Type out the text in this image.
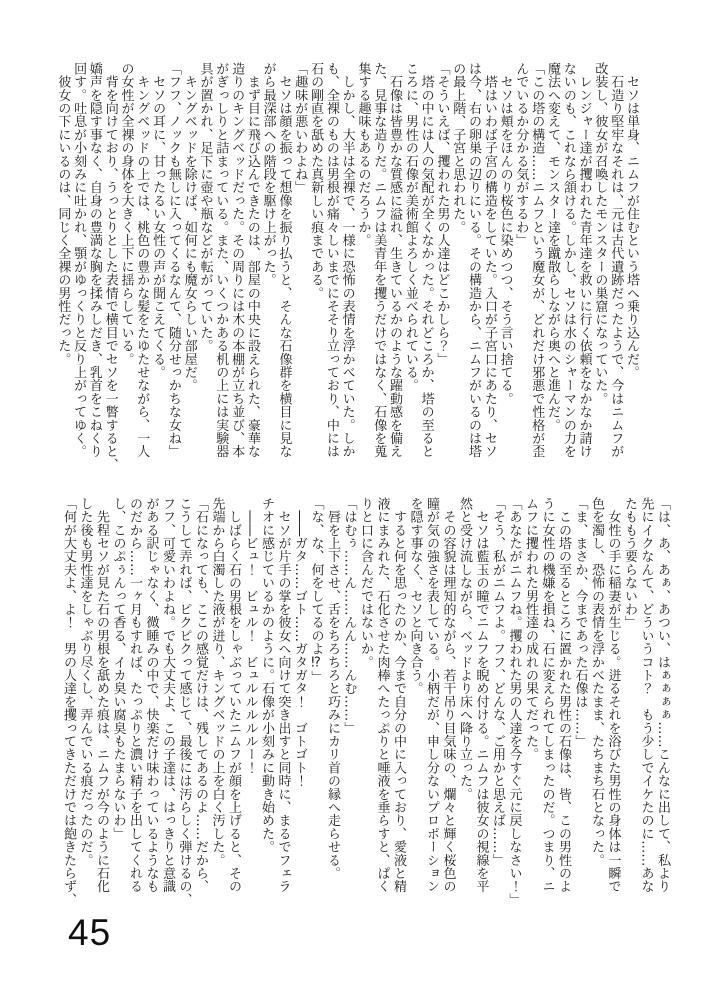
　セソは単身、ニムフが住むという塔へ乗り込んだ。
　石造り堅牢なそれは、元は古代遺跡だったようで、今はニムフが
改装し、彼女が召喚したモンスターの巣窟になっていた。
　レンジャー達が攫われた青年達を救いに行く依頼をなかなか請け
ないのも、これなら頷ける。しかし、セソは水のシャーマンの力を
魔法へ変えて、モンスター達を蹴散らしながら奥へと進んだ。
「この塔の構造……ニムフという魔女が、どれだけ邪悪で性格が歪
んでいるか分かる気がするわ」
　セソは頬をほんのり桜色に染めつつ、そう言い捨てる。
　塔はいわば子宮の構造をしていた。入口が子宮口にあたり、セソ
は今、右の卵巣の辺りにいる。その構造から、ニムフがいるのは塔
の最上階、子宮と思われた。
「そういえば、攫われた男の人達はどこかしら？」
　塔の中には人の気配が全くなかった。それどころか、塔の至ると
ころに、男性の石像が美術館よろしく並べられている。
　石像は皆豊かな質感に溢れ、生きているかのような躍動感を備え
た、見事な造りだ。ニムフは美青年を攫うだけではなく、石像を蒐
集する趣味もあるのだろうか。
　しかし、大半は全裸で、一様に恐怖の表情を浮かべていた。しか
も、全裸のものは男根が痛々しいまでにそそり立っており、中には
石の剛直を舐めた真新しい痕まである。
「趣味が悪いわよね」
　セソは顔を振って想像を振り払うと、そんな石像群を横目に見な
がら最深部への階段を駆け上がった。
　まず目に飛び込んできたのは、部屋の中央に設えられた、豪華な
造りのキングベッドだった。その周りには木の本棚が立ち並び、本
がぎっしりと詰まっている。また、いくつかある机の上には実験器
具が置かれ、足下に壺や瓶などが転がっていた。
　キングベッドを除けば、如何にも魔女らしい部屋だ。
「フフ、ノックも無しに入ってくるなんて、随分せっかちな女ね」
　セソの耳に、甘ったるい女性の声が聞こえてくる。
　キングベッドの上では、桃色の豊かな髪をたゆたせながら、一人
の女性が全裸の身体を大きく上下に揺らしている。
　背を向けており、うっとりとした表情で横目でセソを一瞥すると、
嬌声を隠す事なく、自身の豊満な胸を揉みしだき、乳首をこねくり
回す。吐息が小刻みに吐かれ、顎がゆっくりと反り上がってゆく。
　彼女の下にいるのは、同じく全裸の男性だった。
「は、あ、あぁ、あつい、はぁぁぁぁ……こんなに出して、私より
先にイクなんて、どういうコト？　もう少しでイケたのに……あな
たももう要らないわ」
　女性の手に稲妻が生じる。迸るそれを浴びた男性の身体は一瞬で
色を濁し、恐怖の表情を浮かべたまま、たちまち石となった。
「ま、まさか、今まであった石像は……」
　この塔の至るところに置かれた男性の石像は、皆、この男性のよ
うに女性の機嫌を損ね、石に変えられてしまったのだ。つまり、ニ
ムフに攫われた男性達の成れの果てだった。
「あなたがニムフね。攫われた男の人達を今すぐ元に戻しなさい！」
「そう、私がニムフよ。フフ、どんな、ご用かと思えば……」
　セソは藍玉の瞳でニムフを睨め付ける。ニムフは彼女の視線を平
然と受け流しながら、ベッドより床へ降り立った。
　その容貌は理知的ながら、若干吊り目気味の、爛々と輝く桜色の
瞳が気の強さを表している。小柄だが、申し分ないプロポーション
を隠す事なく、セソと向き合う。
　すると何を思ったのか、今まで自分の中に入っており、愛液と精
液にまみれた、石化させた肉棒へたっぷりと唾液を垂らすと、ぱく
りと口に含んだではないか。
「はむぅ……ん……んん……んむ……」
　唇を上下させ、舌をちろちろと巧みにカリ首の縁へ走らせる。
「な、な、何をしてるのよ⁉」
　――ガタ……ゴト……ガタガタ！　ゴトゴト！
　セソが片手の掌を彼女へ向けて突き出すと同時に、まるでフェラ
チオに感じているかのように。石像が小刻みに動き始めた。
　――ビュ！　ビュル！　ビュルルルルルー！
　しばらく石の男根をしゃぶっていたニムフが顔を上げると、その
先端から白濁した液が迸り、キングベッドの上を白く汚した。
「石になっても、ここの感覚だけは、残してあるのよ……だから、
こうして弄れば、ピクピクって感じて、最後には汚らしく弾けるの、
フフ、可愛いわよね。でも大丈夫よ、この子達は、はっきりと意識
がある訳じゃなく、微睡みの中で、快楽だけ味わっているようなも
のだから……一ヶ月もすれば、たっぷりと濃い精子を出してくれる
し、このぷぅんって香る、イカ臭い腐臭もたまらないわ」
　先程セソが見た石の男根を舐めた痕は、ニムフが今のように石化
した後も男性達をしゃぶり尽くし、弄んでいる痕だったのだ。
「何が大丈夫よ、よ！　男の人達を攫ってきただけでは飽きたらず、
45
